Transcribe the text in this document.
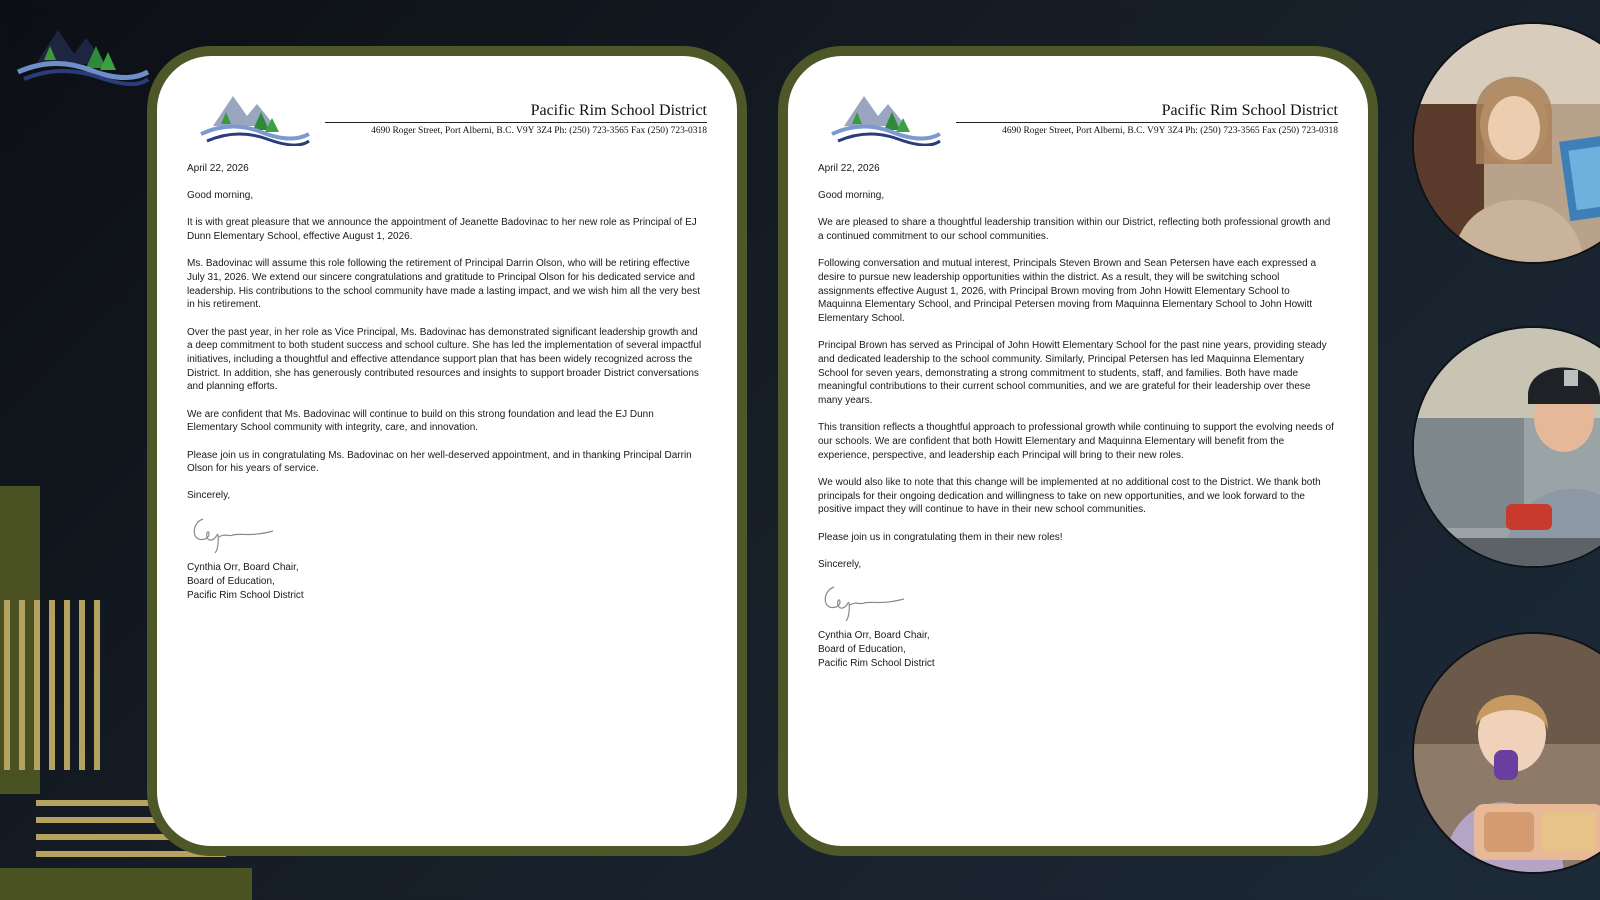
Pacific Rim School District
4690 Roger Street, Port Alberni, B.C. V9Y 3Z4 Ph: (250) 723-3565 Fax (250) 723-0318

April 22, 2026

Good morning,

It is with great pleasure that we announce the appointment of Jeanette Badovinac to her new role as Principal of EJ Dunn Elementary School, effective August 1, 2026.

Ms. Badovinac will assume this role following the retirement of Principal Darrin Olson, who will be retiring effective July 31, 2026. We extend our sincere congratulations and gratitude to Principal Olson for his dedicated service and leadership. His contributions to the school community have made a lasting impact, and we wish him all the very best in his retirement.

Over the past year, in her role as Vice Principal, Ms. Badovinac has demonstrated significant leadership growth and a deep commitment to both student success and school culture. She has led the implementation of several impactful initiatives, including a thoughtful and effective attendance support plan that has been widely recognized across the District. In addition, she has generously contributed resources and insights to support broader District conversations and planning efforts.

We are confident that Ms. Badovinac will continue to build on this strong foundation and lead the EJ Dunn Elementary School community with integrity, care, and innovation.

Please join us in congratulating Ms. Badovinac on her well-deserved appointment, and in thanking Principal Darrin Olson for his years of service.

Sincerely,

Cynthia Orr, Board Chair,

Board of Education,

Pacific Rim School District

Pacific Rim School District
4690 Roger Street, Port Alberni, B.C. V9Y 3Z4 Ph: (250) 723-3565 Fax (250) 723-0318

April 22, 2026

Good morning,

We are pleased to share a thoughtful leadership transition within our District, reflecting both professional growth and a continued commitment to our school communities.

Following conversation and mutual interest, Principals Steven Brown and Sean Petersen have each expressed a desire to pursue new leadership opportunities within the district. As a result, they will be switching school assignments effective August 1, 2026, with Principal Brown moving from John Howitt Elementary School to Maquinna Elementary School, and Principal Petersen moving from Maquinna Elementary School to John Howitt Elementary School.

Principal Brown has served as Principal of John Howitt Elementary School for the past nine years, providing steady and dedicated leadership to the school community. Similarly, Principal Petersen has led Maquinna Elementary School for seven years, demonstrating a strong commitment to students, staff, and families. Both have made meaningful contributions to their current school communities, and we are grateful for their leadership over these many years.

This transition reflects a thoughtful approach to professional growth while continuing to support the evolving needs of our schools. We are confident that both Howitt Elementary and Maquinna Elementary will benefit from the experience, perspective, and leadership each Principal will bring to their new roles.

We would also like to note that this change will be implemented at no additional cost to the District. We thank both principals for their ongoing dedication and willingness to take on new opportunities, and we look forward to the positive impact they will continue to have in their new school communities.

Please join us in congratulating them in their new roles!

Sincerely,

Cynthia Orr, Board Chair,

Board of Education,

Pacific Rim School District
